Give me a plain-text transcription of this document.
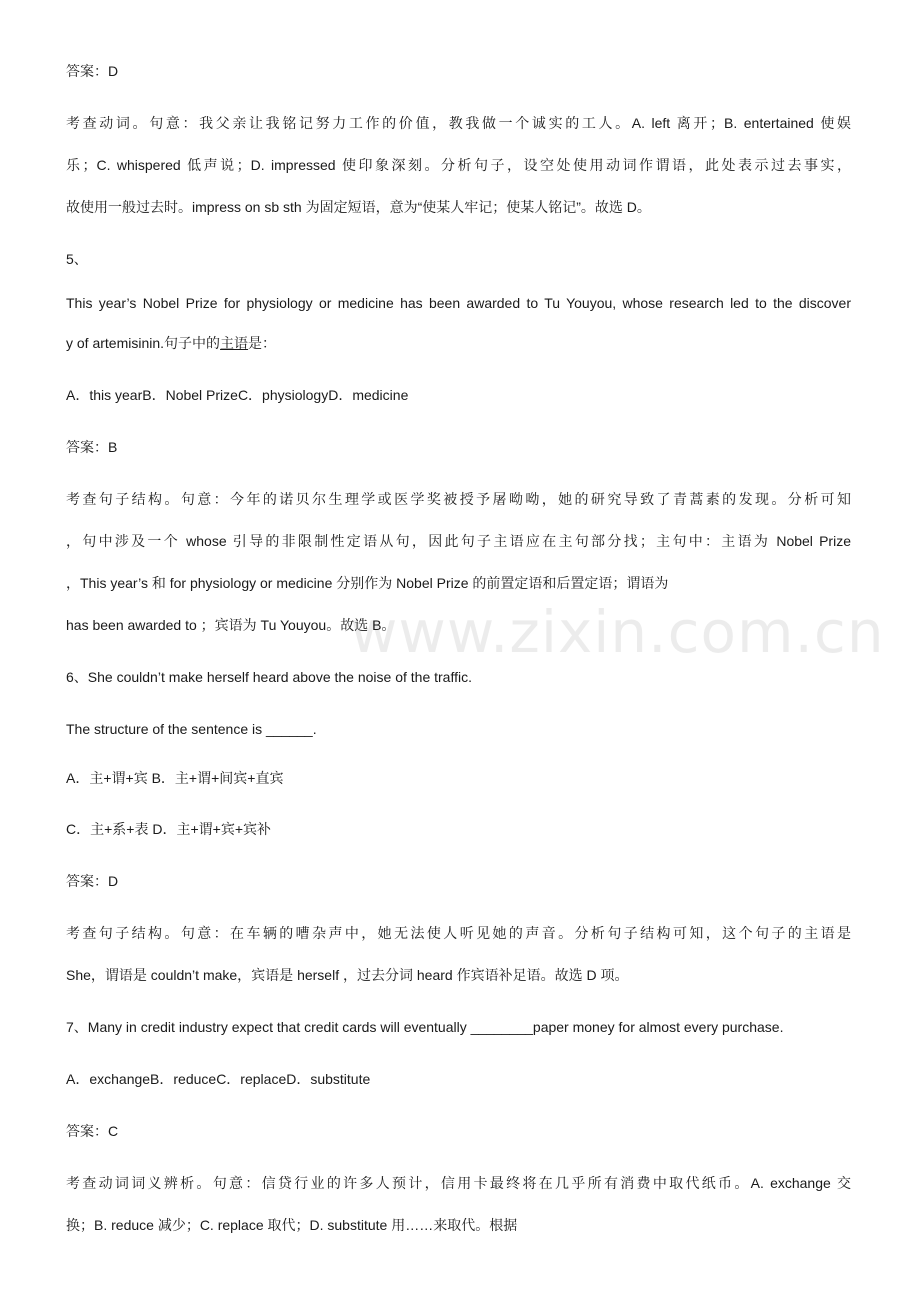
www.zixin.com.cn
答案：D
考查动词。句意：我父亲让我铭记努力工作的价值，教我做一个诚实的工人。A. left 离开；B. entertained 使娱
乐；C. whispered 低声说；D. impressed 使印象深刻。分析句子，设空处使用动词作谓语，此处表示过去事实，
故使用一般过去时。impress on sb sth 为固定短语，意为“使某人牢记；使某人铭记”。故选 D。
5、
This year’s Nobel Prize for physiology or medicine has been awarded to Tu Youyou, whose research led to the discover
y of artemisinin.句子中的主语是：
A．this yearB．Nobel PrizeC．physiologyD．medicine
答案：B
考查句子结构。句意：今年的诺贝尔生理学或医学奖被授予屠呦呦，她的研究导致了青蒿素的发现。分析可知
，句中涉及一个 whose 引导的非限制性定语从句，因此句子主语应在主句部分找；主句中：主语为 Nobel Prize
，This year’s 和 for physiology or medicine 分别作为 Nobel Prize 的前置定语和后置定语；谓语为
has been awarded to ；宾语为 Tu Youyou。故选 B。
6、She couldn’t make herself heard above the noise of the traffic.
The structure of the sentence is ______.
A．主+谓+宾 B．主+谓+间宾+直宾
C．主+系+表 D．主+谓+宾+宾补
答案：D
考查句子结构。句意：在车辆的嘈杂声中，她无法使人听见她的声音。分析句子结构可知，这个句子的主语是
She，谓语是 couldn’t make，宾语是 herself ，过去分词 heard 作宾语补足语。故选 D 项。
7、Many in credit industry expect that credit cards will eventually ________paper money for almost every purchase.
A．exchangeB．reduceC．replaceD．substitute
答案：C
考查动词词义辨析。句意：信贷行业的许多人预计，信用卡最终将在几乎所有消费中取代纸币。A. exchange 交
换；B. reduce 减少；C. replace 取代；D. substitute 用……来取代。根据
